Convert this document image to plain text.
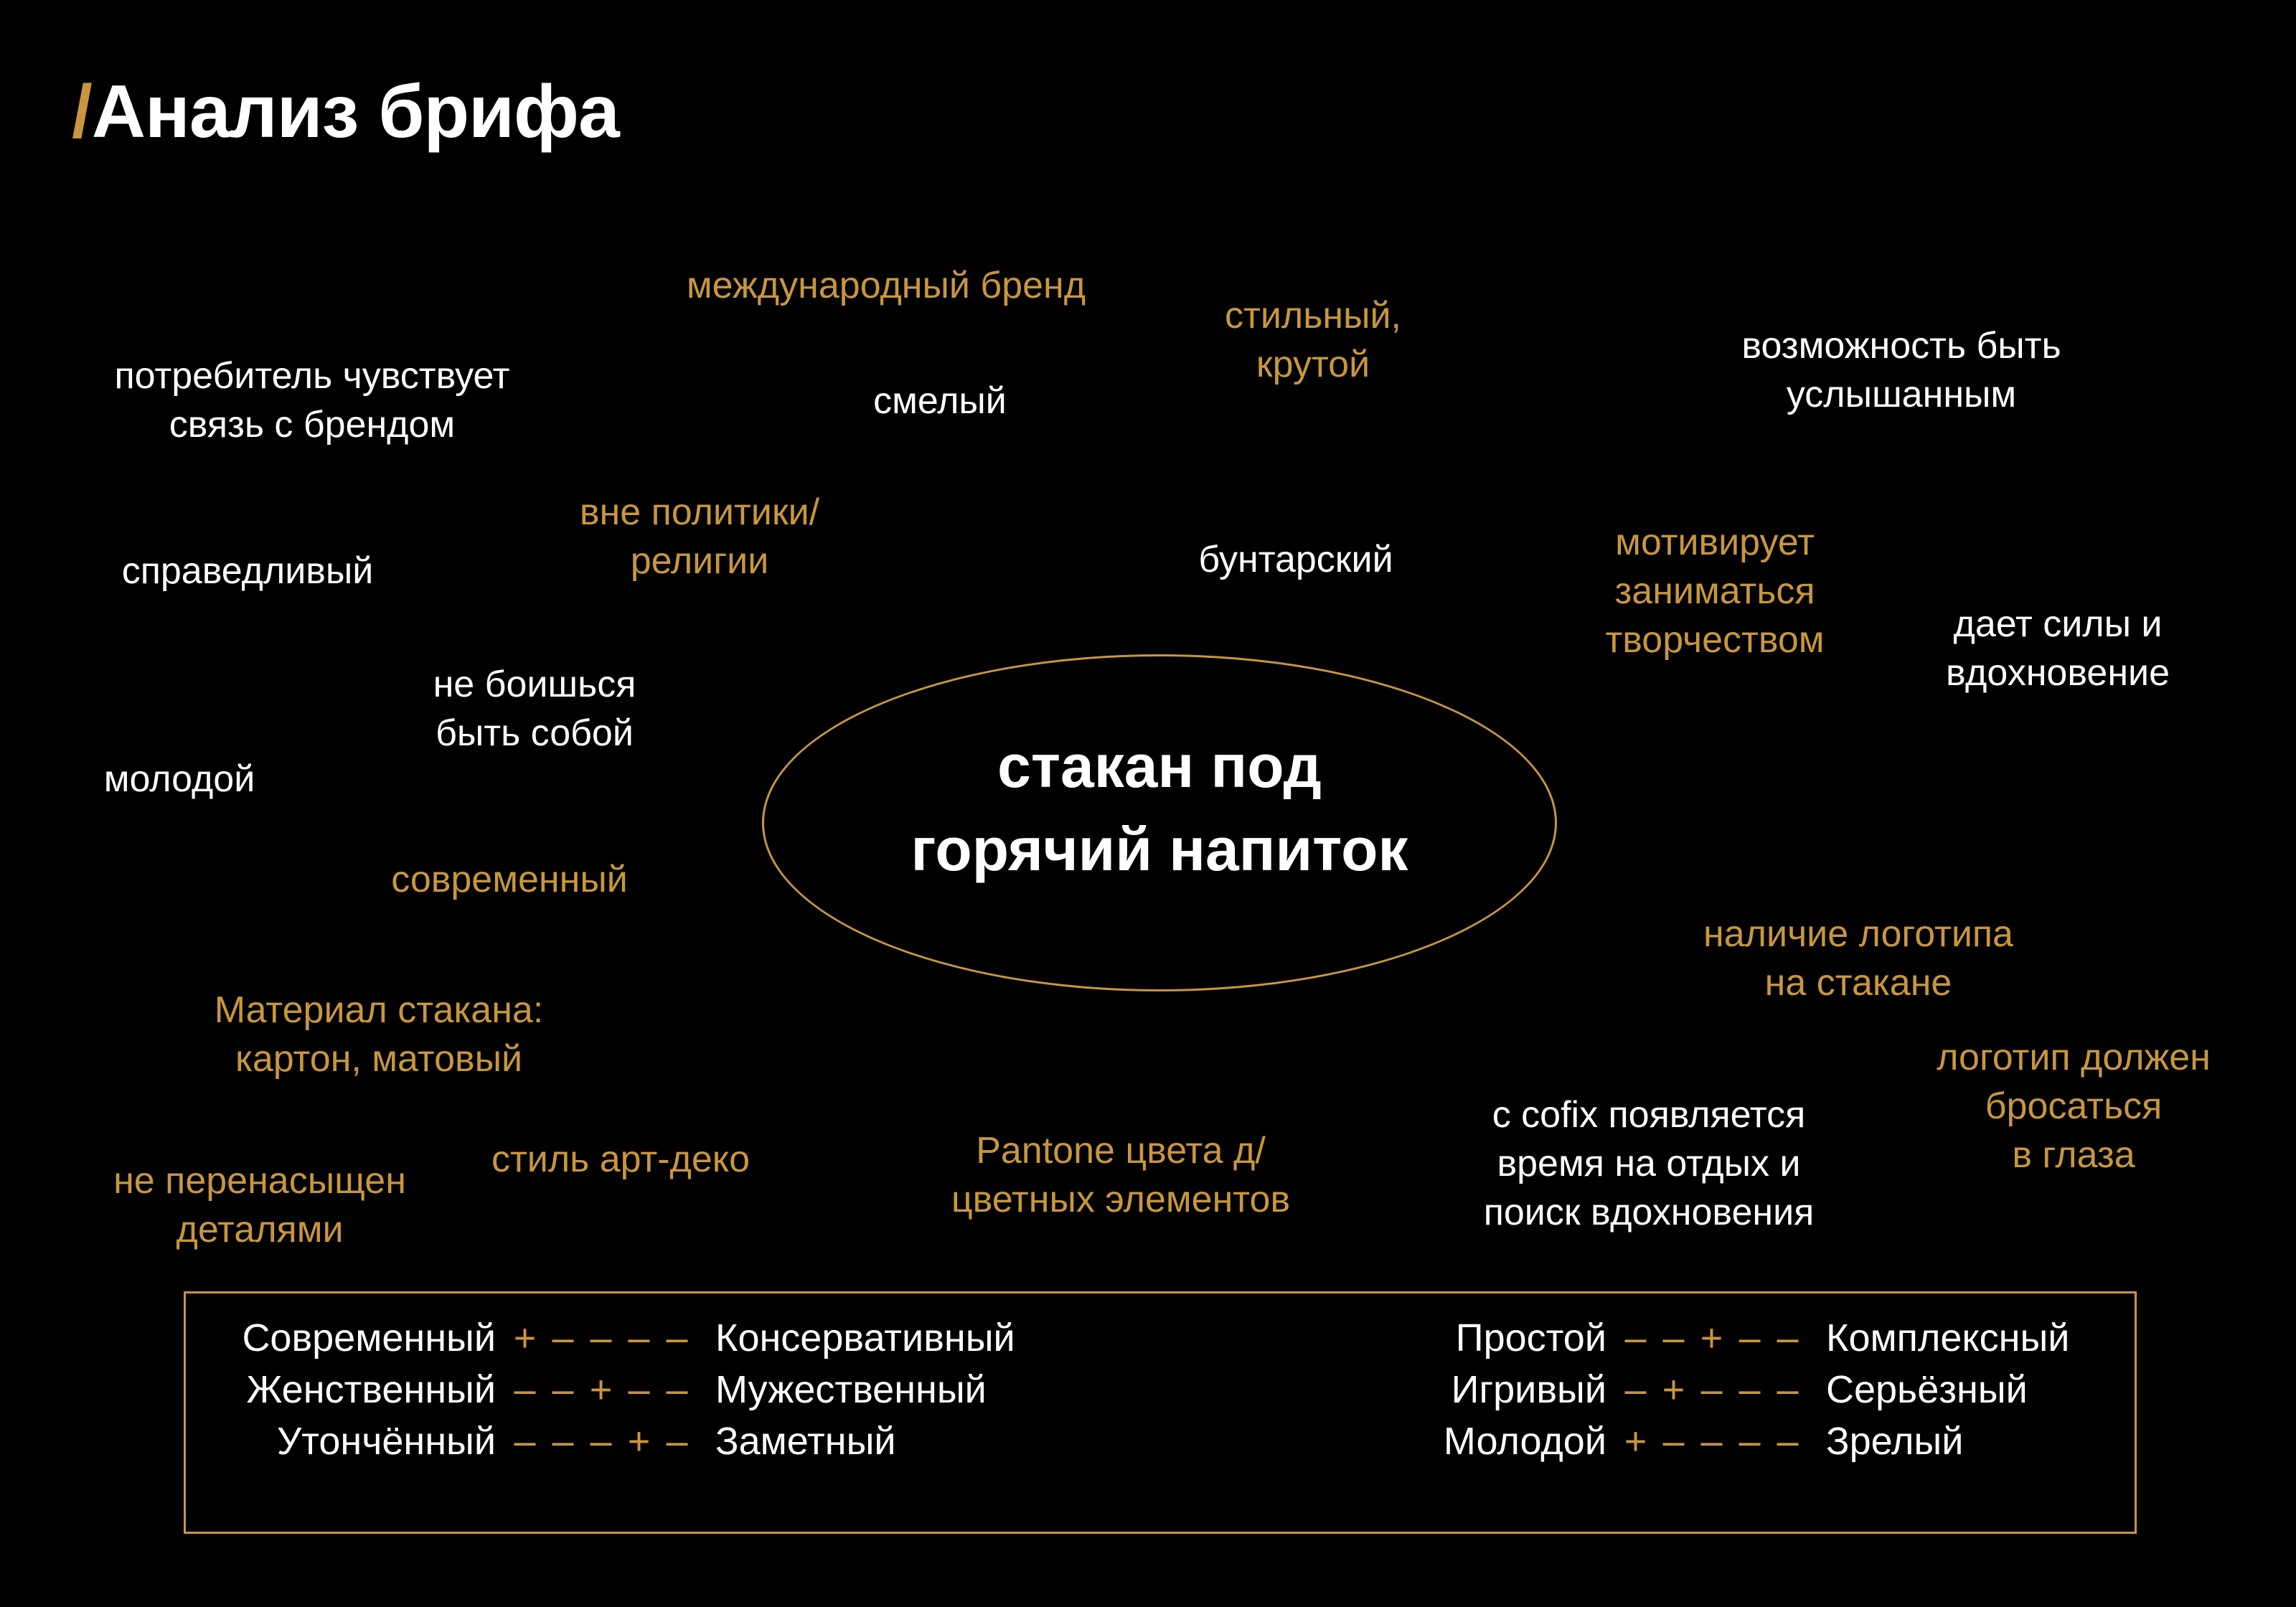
/Анализ брифа
международный бренд
стильный,
крутой	возможность быть
услышанным
потребитель чувствует
связь с брендом
смелый
вне политики/
религии	бунтарский	мотивирует
заниматься
творчеством
справедливый
дает силы и
вдохновение
не боишься
быть собой
молодой
современный
наличие логотипа
на стакане
Материал стакана:
картон, матовый	логотип должен
бросаться
в глаза
с cofix появляется
время на отдых и
поиск вдохновения
стиль арт-деко	Pantone цвета д/
цветных элементов
не перенасыщен
деталями
стакан под
горячий напиток
Современный + – – – – Консервативный
Женственный – – + – – Мужественный
Утончённый – – – + – Заметный
Простой – – + – – Комплексный
Игривый – + – – – Серьёзный
Молодой + – – – – Зрелый
